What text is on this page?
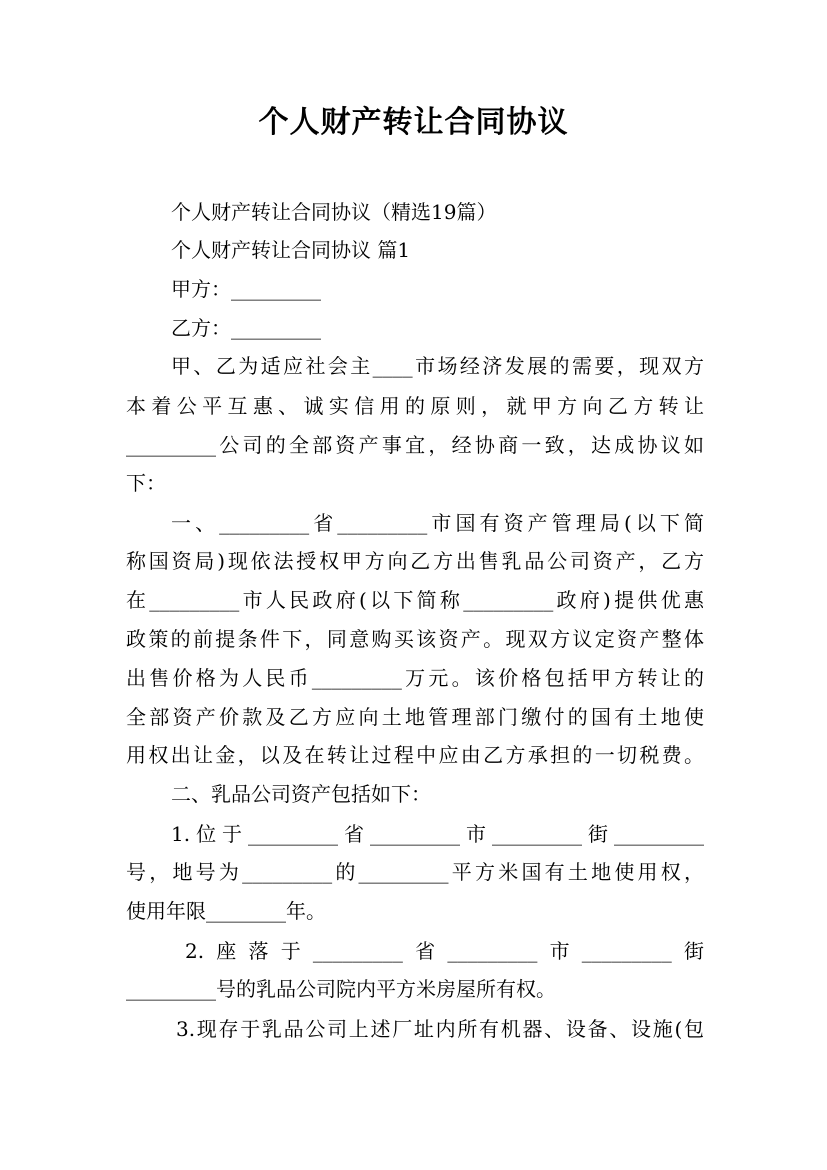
个人财产转让合同协议
个人财产转让合同协议（精选19篇）
个人财产转让合同协议 篇1
甲方：_________
乙方：_________
甲、乙为适应社会主____市场经济发展的需要，现双方
本着公平互惠、诚实信用的原则，就甲方向乙方转让
_________公司的全部资产事宜，经协商一致，达成协议如
下：
一、_________省_________市国有资产管理局(以下简
称国资局)现依法授权甲方向乙方出售乳品公司资产，乙方
在_________市人民政府(以下简称_________政府)提供优惠
政策的前提条件下，同意购买该资产。现双方议定资产整体
出售价格为人民币_________万元。该价格包括甲方转让的
全部资产价款及乙方应向土地管理部门缴付的国有土地使
用权出让金，以及在转让过程中应由乙方承担的一切税费。
二、乳品公司资产包括如下：
1.位于_________省_________市_________街_________
号，地号为_________的_________平方米国有土地使用权，
使用年限________年。
2.座落于_________省_________市_________街
_________号的乳品公司院内平方米房屋所有权。
3.现存于乳品公司上述厂址内所有机器、设备、设施(包
